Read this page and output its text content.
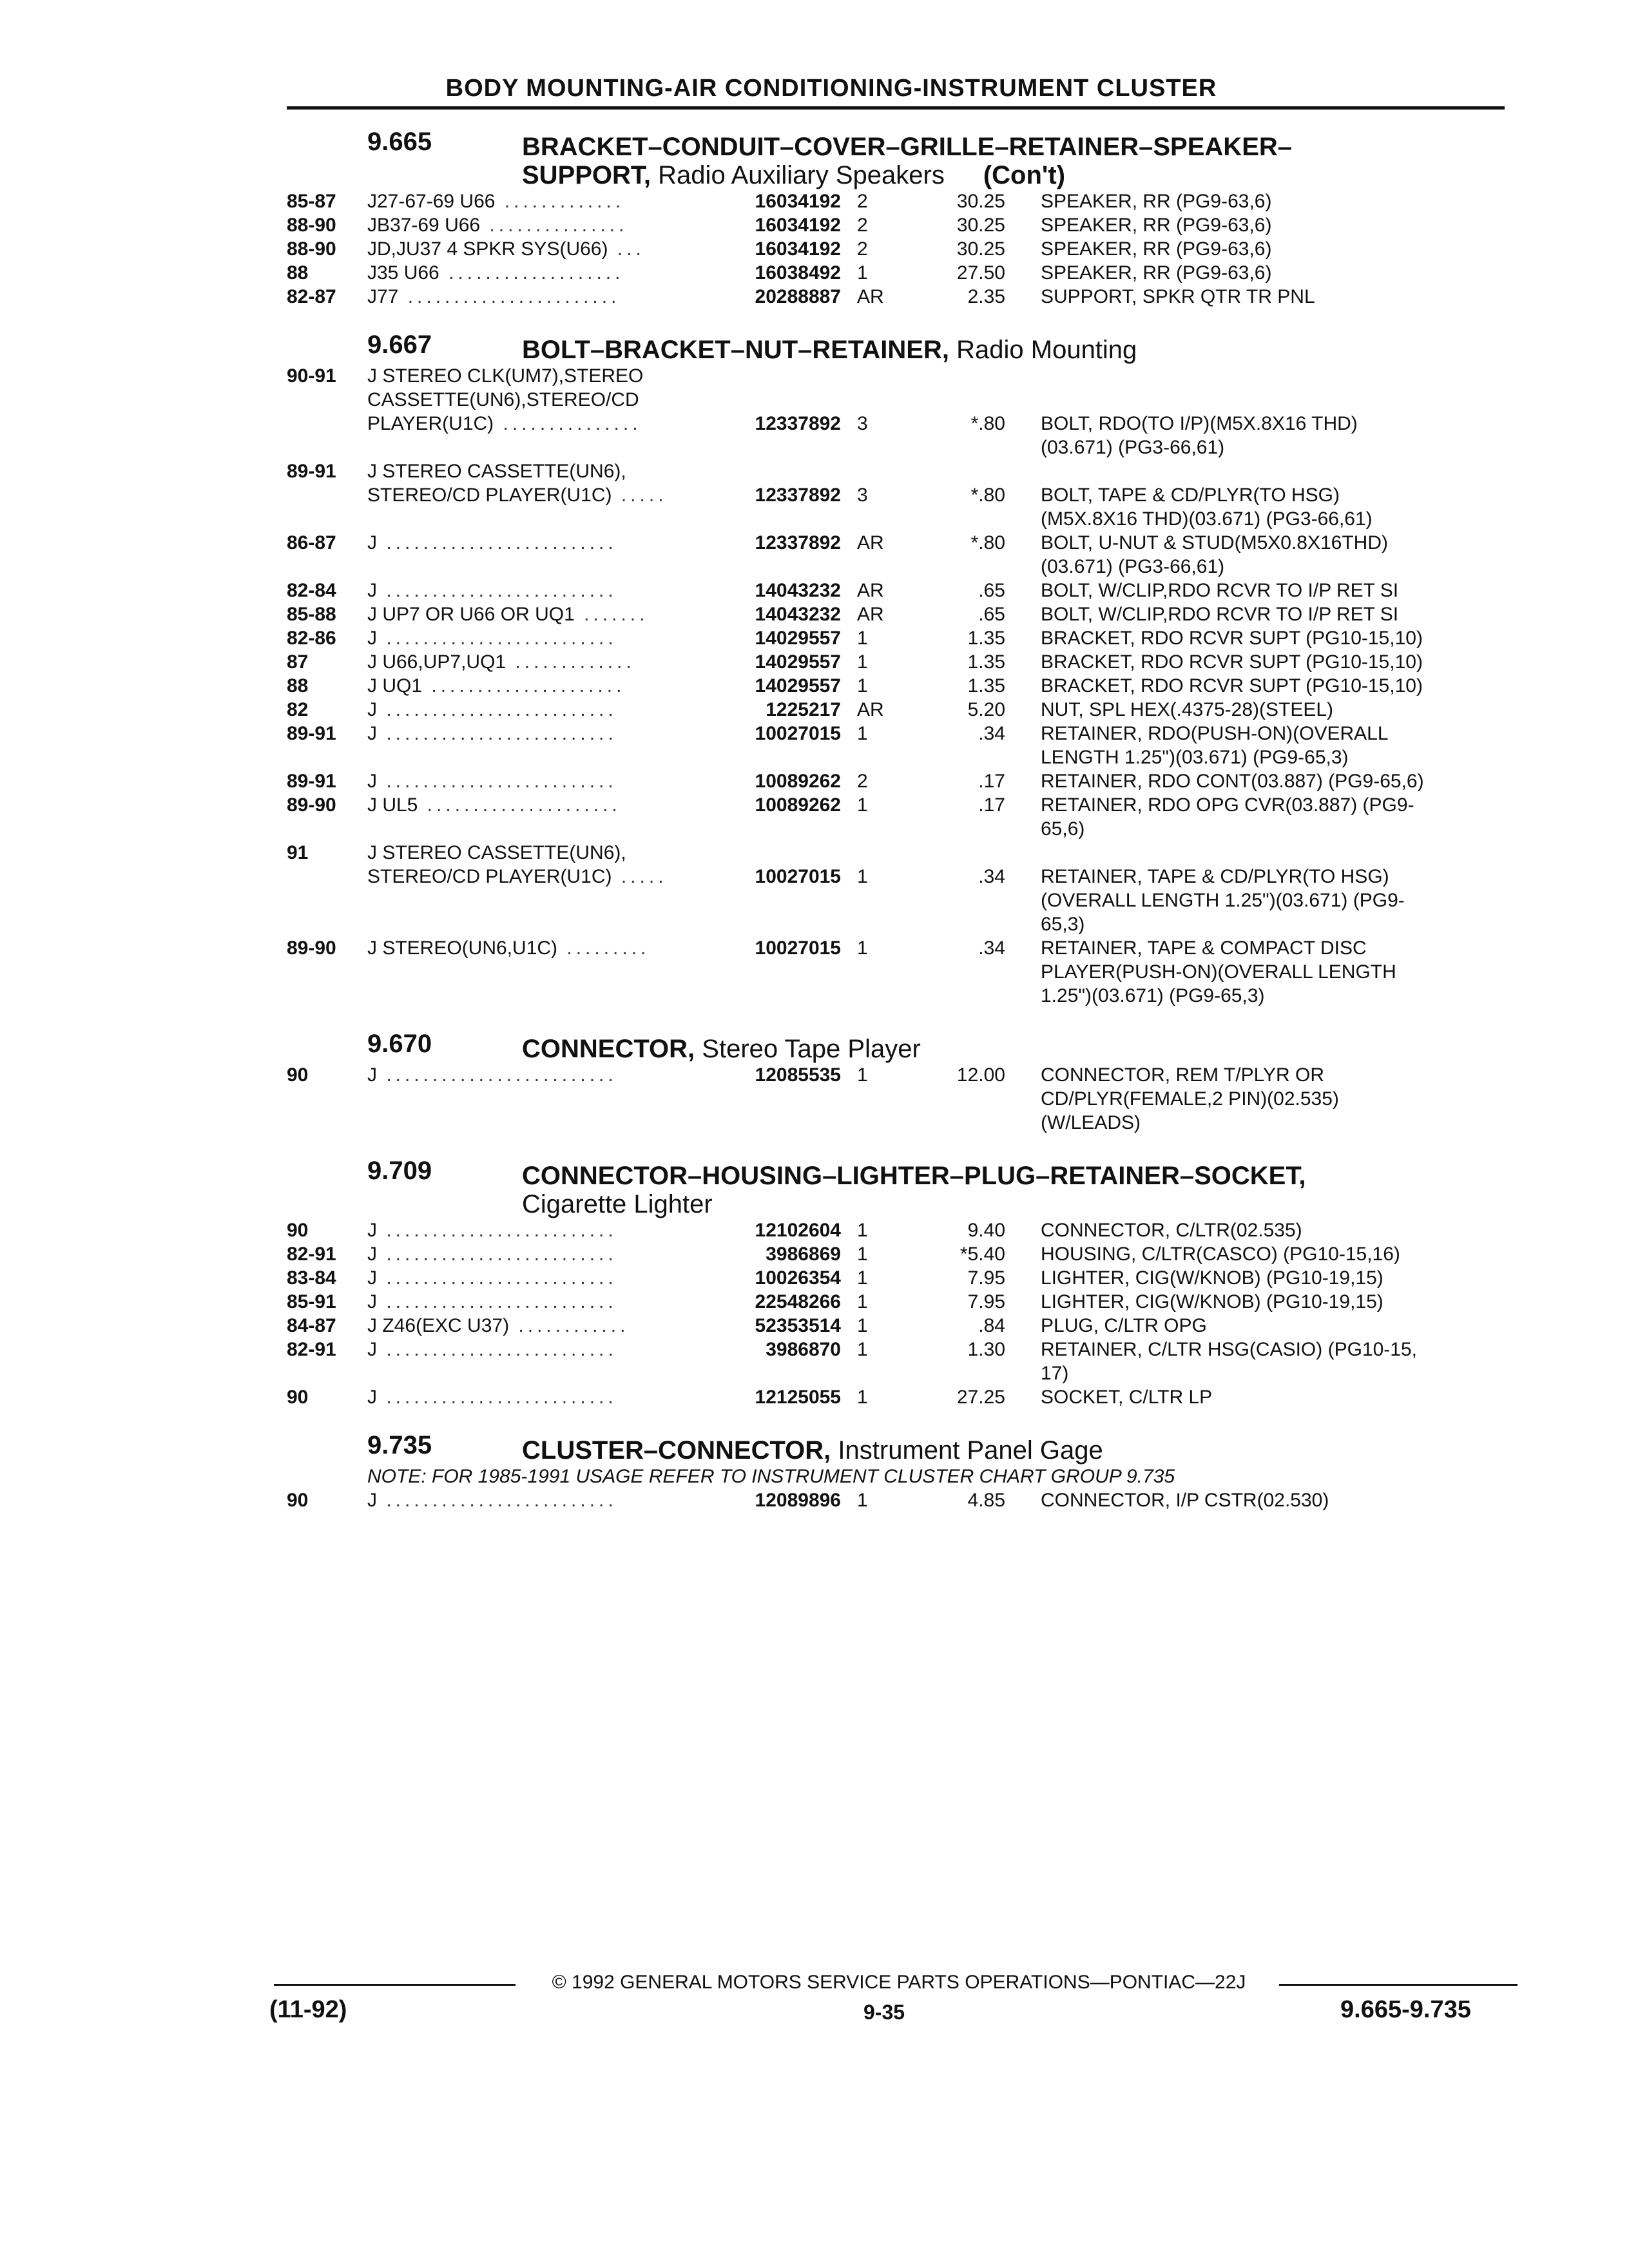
BODY MOUNTING-AIR CONDITIONING-INSTRUMENT CLUSTER
9.665	BRACKET–CONDUIT–COVER–GRILLE–RETAINER–SPEAKER–
SUPPORT, Radio Auxiliary Speakers (Con't)
85-87 J27-67-69 U66 .............	16034192 2	30.25 SPEAKER, RR (PG9-63,6)
88-90 JB37-69 U66 ...............	16034192 2	30.25 SPEAKER, RR (PG9-63,6)
88-90 JD,JU37 4 SPKR SYS(U66) ...	16034192 2	30.25 SPEAKER, RR (PG9-63,6)
88	J35 U66 ...................	16038492 1	27.50 SPEAKER, RR (PG9-63,6)
82-87 J77 .......................	20288887 AR	2.35 SUPPORT, SPKR QTR TR PNL
9.667	BOLT–BRACKET–NUT–RETAINER, Radio Mounting
90-91 J STEREO CLK(UM7),STEREO
CASSETTE(UN6),STEREO/CD
PLAYER(U1C) ...............	12337892 3	*.80 BOLT, RDO(TO I/P)(M5X.8X16 THD)
(03.671) (PG3-66,61)
89-91 J STEREO CASSETTE(UN6),
STEREO/CD PLAYER(U1C) .....	12337892 3	*.80 BOLT, TAPE & CD/PLYR(TO HSG)
(M5X.8X16 THD)(03.671) (PG3-66,61)
86-87 J .........................	12337892 AR	*.80 BOLT, U-NUT & STUD(M5X0.8X16THD)
(03.671) (PG3-66,61)
82-84 J .........................	14043232 AR	.65 BOLT, W/CLIP,RDO RCVR TO I/P RET SI
85-88 J UP7 OR U66 OR UQ1 .......	14043232 AR	.65 BOLT, W/CLIP,RDO RCVR TO I/P RET SI
82-86 J .........................	14029557 1	1.35 BRACKET, RDO RCVR SUPT (PG10-15,10)
87	J U66,UP7,UQ1 .............	14029557 1	1.35 BRACKET, RDO RCVR SUPT (PG10-15,10)
88	J UQ1 .....................	14029557 1	1.35 BRACKET, RDO RCVR SUPT (PG10-15,10)
82	J .........................	1225217 AR	5.20 NUT, SPL HEX(.4375-28)(STEEL)
89-91 J .........................	10027015 1	.34 RETAINER, RDO(PUSH-ON)(OVERALL
LENGTH 1.25")(03.671) (PG9-65,3)
89-91 J .........................	10089262 2	.17 RETAINER, RDO CONT(03.887) (PG9-65,6)
89-90 J UL5 .....................	10089262 1	.17 RETAINER, RDO OPG CVR(03.887) (PG9-
65,6)
91	J STEREO CASSETTE(UN6),
STEREO/CD PLAYER(U1C) .....	10027015 1	.34 RETAINER, TAPE & CD/PLYR(TO HSG)
(OVERALL LENGTH 1.25")(03.671) (PG9-
65,3)
89-90 J STEREO(UN6,U1C) .........	10027015 1	.34 RETAINER, TAPE & COMPACT DISC
PLAYER(PUSH-ON)(OVERALL LENGTH
1.25")(03.671) (PG9-65,3)
9.670	CONNECTOR, Stereo Tape Player
90	J .........................	12085535 1	12.00 CONNECTOR, REM T/PLYR OR
CD/PLYR(FEMALE,2 PIN)(02.535)
(W/LEADS)
9.709	CONNECTOR–HOUSING–LIGHTER–PLUG–RETAINER–SOCKET,
Cigarette Lighter
90	J .........................	12102604 1	9.40 CONNECTOR, C/LTR(02.535)
82-91 J .........................	3986869 1	*5.40 HOUSING, C/LTR(CASCO) (PG10-15,16)
83-84 J .........................	10026354 1	7.95 LIGHTER, CIG(W/KNOB) (PG10-19,15)
85-91 J .........................	22548266 1	7.95 LIGHTER, CIG(W/KNOB) (PG10-19,15)
84-87 J Z46(EXC U37) ............	52353514 1	.84 PLUG, C/LTR OPG
82-91 J .........................	3986870 1	1.30 RETAINER, C/LTR HSG(CASIO) (PG10-15,
17)
90	J .........................	12125055 1	27.25 SOCKET, C/LTR LP
9.735	CLUSTER–CONNECTOR, Instrument Panel Gage
NOTE: FOR 1985-1991 USAGE REFER TO INSTRUMENT CLUSTER CHART GROUP 9.735
90	J .........................	12089896 1	4.85 CONNECTOR, I/P CSTR(02.530)
© 1992 GENERAL MOTORS SERVICE PARTS OPERATIONS—PONTIAC—22J
(11-92)	9-35	9.665-9.735
